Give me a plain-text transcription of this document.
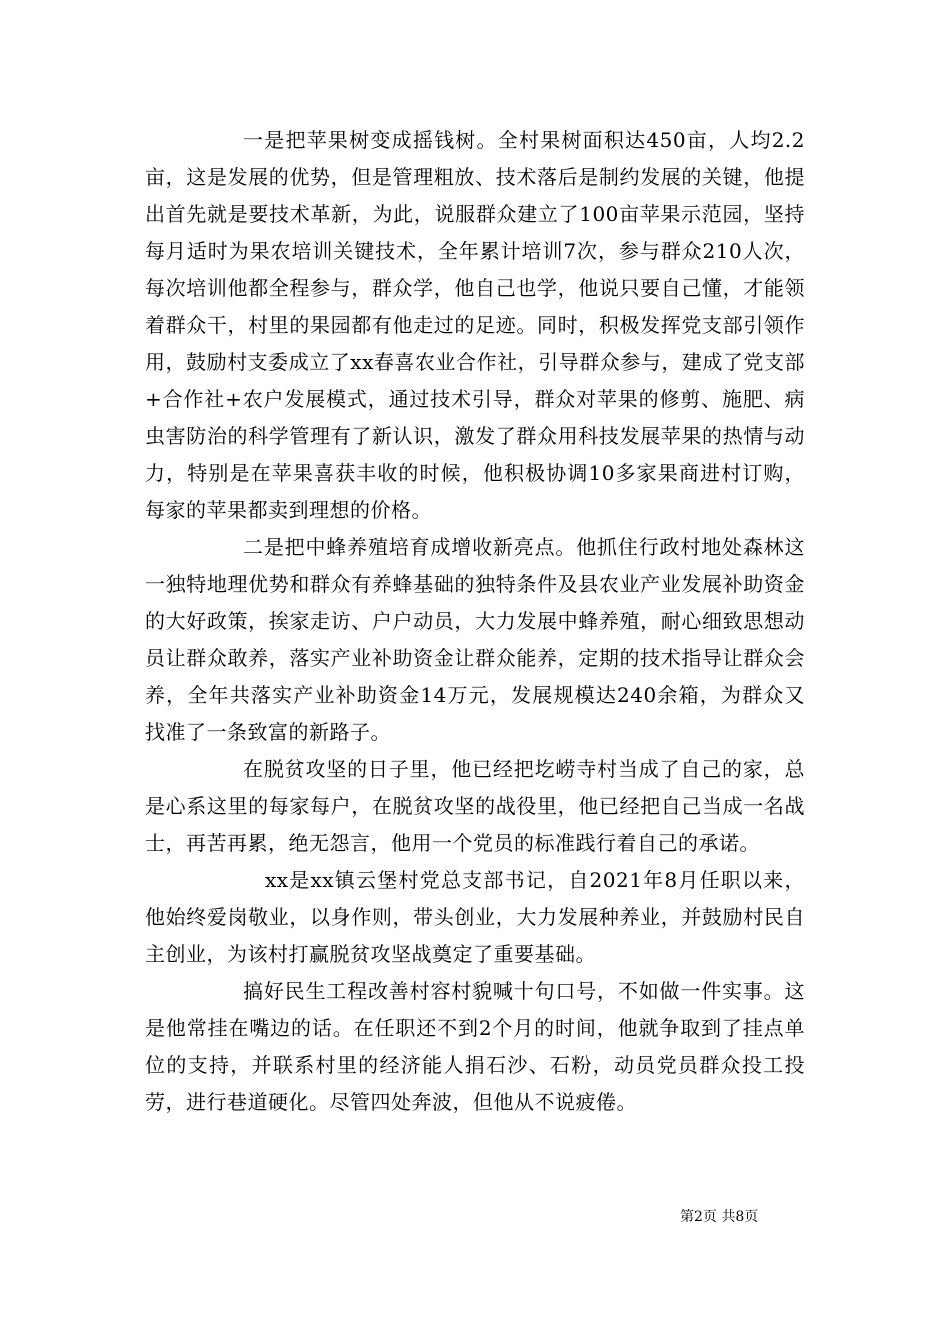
一是把苹果树变成摇钱树。全村果树面积达450亩，人均2.2亩，这是发展的优势，但是管理粗放、技术落后是制约发展的关键，他提出首先就是要技术革新，为此，说服群众建立了100亩苹果示范园，坚持每月适时为果农培训关键技术，全年累计培训7次，参与群众210人次，每次培训他都全程参与，群众学，他自己也学，他说只要自己懂，才能领着群众干，村里的果园都有他走过的足迹。同时，积极发挥党支部引领作用，鼓励村支委成立了xx春喜农业合作社，引导群众参与，建成了党支部+合作社+农户发展模式，通过技术引导，群众对苹果的修剪、施肥、病虫害防治的科学管理有了新认识，激发了群众用科技发展苹果的热情与动力，特别是在苹果喜获丰收的时候，他积极协调10多家果商进村订购，每家的苹果都卖到理想的价格。

二是把中蜂养殖培育成增收新亮点。他抓住行政村地处森林这一独特地理优势和群众有养蜂基础的独特条件及县农业产业发展补助资金的大好政策，挨家走访、户户动员，大力发展中蜂养殖，耐心细致思想动员让群众敢养，落实产业补助资金让群众能养，定期的技术指导让群众会养，全年共落实产业补助资金14万元，发展规模达240余箱，为群众又找准了一条致富的新路子。

在脱贫攻坚的日子里，他已经把圪崂寺村当成了自己的家，总是心系这里的每家每户，在脱贫攻坚的战役里，他已经把自己当成一名战士，再苦再累，绝无怨言，他用一个党员的标准践行着自己的承诺。

xx是xx镇云堡村党总支部书记，自2021年8月任职以来，他始终爱岗敬业，以身作则，带头创业，大力发展种养业，并鼓励村民自主创业，为该村打赢脱贫攻坚战奠定了重要基础。

搞好民生工程改善村容村貌喊十句口号，不如做一件实事。这是他常挂在嘴边的话。在任职还不到2个月的时间，他就争取到了挂点单位的支持，并联系村里的经济能人捐石沙、石粉，动员党员群众投工投劳，进行巷道硬化。尽管四处奔波，但他从不说疲倦。

第2页 共8页
